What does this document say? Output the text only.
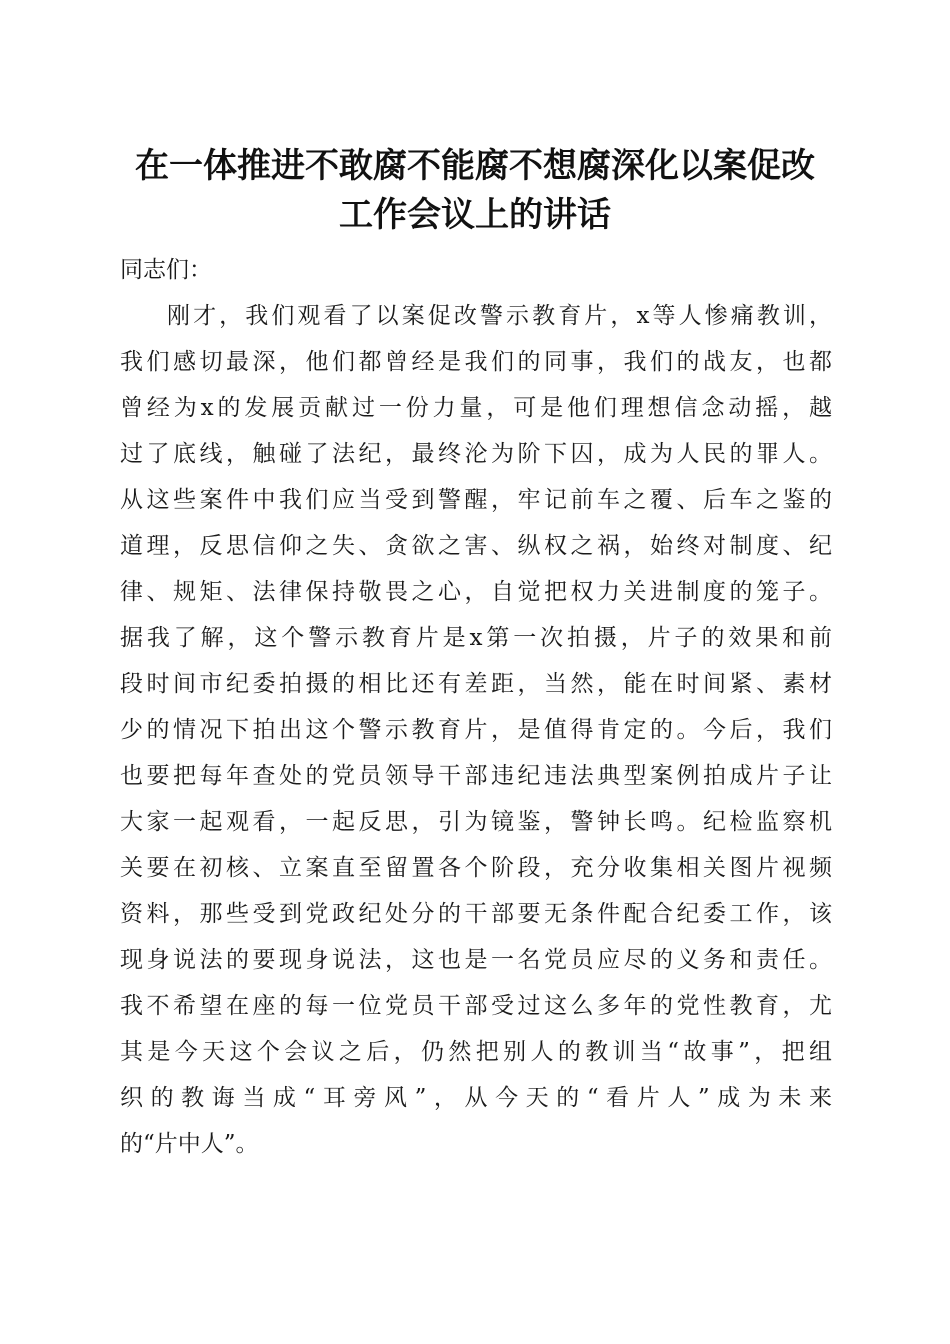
在一体推进不敢腐不能腐不想腐深化以案促改
工作会议上的讲话
同志们：
刚才，我们观看了以案促改警示教育片，x等人惨痛教训，
我们感切最深，他们都曾经是我们的同事，我们的战友，也都
曾经为x的发展贡献过一份力量，可是他们理想信念动摇，越
过了底线，触碰了法纪，最终沦为阶下囚，成为人民的罪人。
从这些案件中我们应当受到警醒，牢记前车之覆、后车之鉴的
道理，反思信仰之失、贪欲之害、纵权之祸，始终对制度、纪
律、规矩、法律保持敬畏之心，自觉把权力关进制度的笼子。
据我了解，这个警示教育片是x第一次拍摄，片子的效果和前
段时间市纪委拍摄的相比还有差距，当然，能在时间紧、素材
少的情况下拍出这个警示教育片，是值得肯定的。今后，我们
也要把每年查处的党员领导干部违纪违法典型案例拍成片子让
大家一起观看，一起反思，引为镜鉴，警钟长鸣。纪检监察机
关要在初核、立案直至留置各个阶段，充分收集相关图片视频
资料，那些受到党政纪处分的干部要无条件配合纪委工作，该
现身说法的要现身说法，这也是一名党员应尽的义务和责任。
我不希望在座的每一位党员干部受过这么多年的党性教育，尤
其是今天这个会议之后，仍然把别人的教训当“故事”，把组
织的教诲当成“耳旁风”，从今天的“看片人”成为未来
的“片中人”。
